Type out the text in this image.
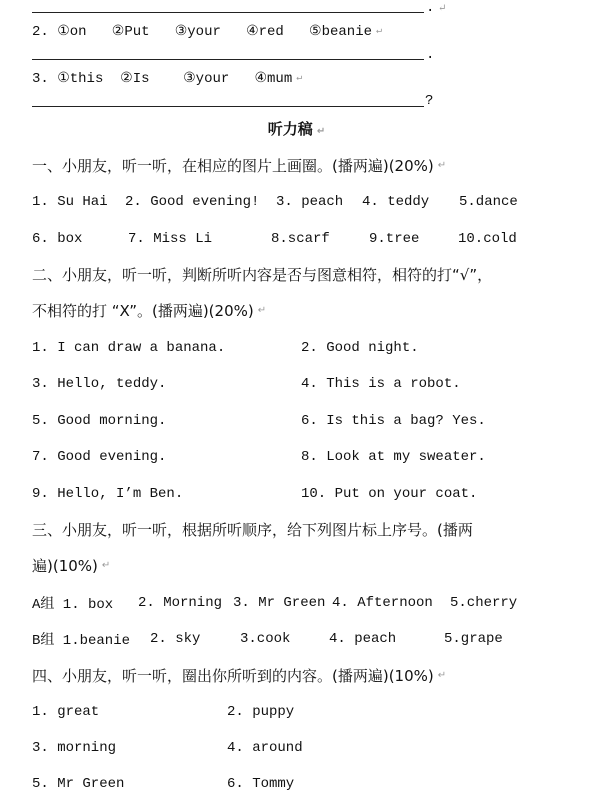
. ↵
2. ①on   ②Put   ③your   ④red   ⑤beanie ↵
.
3. ①this  ②Is    ③your   ④mum ↵
?
听力稿 ↵
一、小朋友，听一听，在相应的图片上画圈。(播两遍)(20%) ↵
1. Su Hai 2. Good evening! 3. peach 4. teddy 5.dance
6. box	7. Miss Li	8.scarf	9.tree	10.cold
二、小朋友，听一听，判断所听内容是否与图意相符，相符的打“√”，
不相符的打 “X”。(播两遍)(20%) ↵
1. I can draw a banana.	2. Good night.
3. Hello, teddy.	4. This is a robot.
5. Good morning.	6. Is this a bag? Yes.
7. Good evening.	8. Look at my sweater.
9. Hello, I’m Ben.	10. Put on your coat.
三、小朋友，听一听，根据所听顺序，给下列图片标上序号。(播两
遍)(10%) ↵
A组 1. box 2. Morning 3. Mr Green 4. Afternoon 5.cherry
B组 1.beanie 2. sky	3.cook	4. peach	5.grape
四、小朋友，听一听，圈出你所听到的内容。(播两遍)(10%) ↵
1. great	2. puppy
3. morning	4. around
5. Mr Green	6. Tommy
